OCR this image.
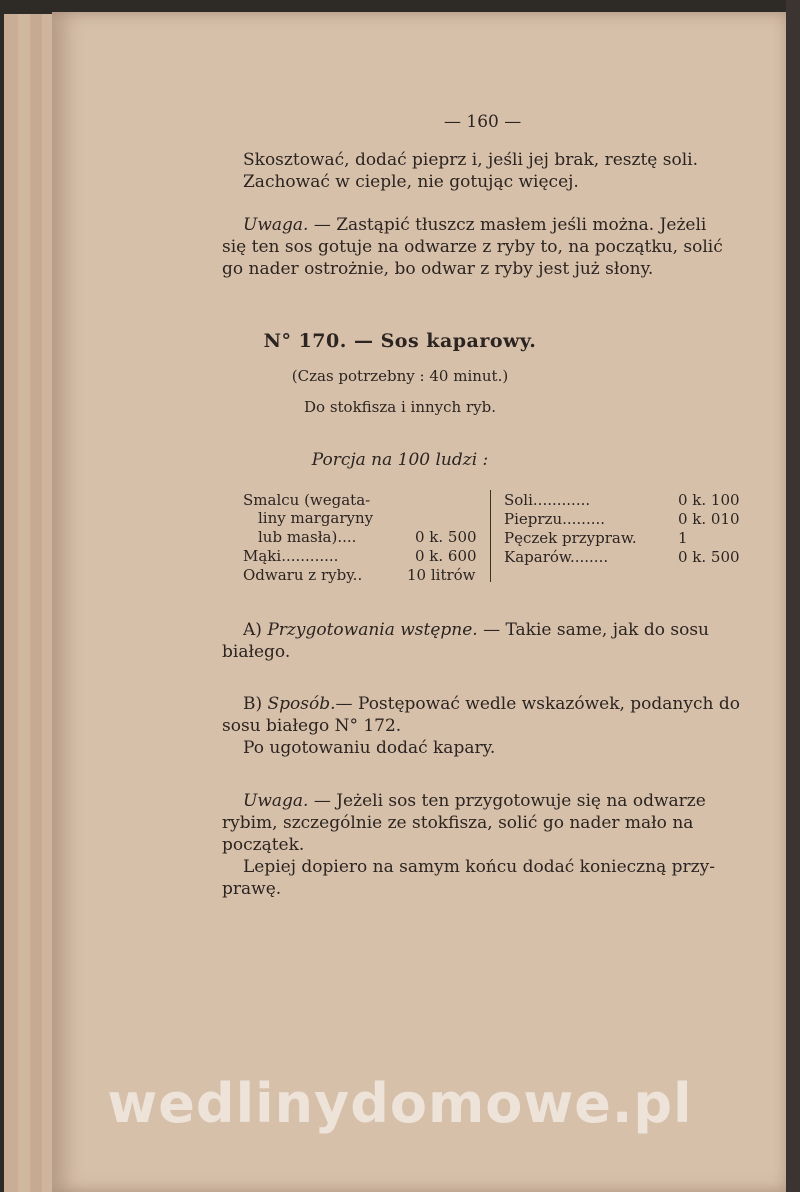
— 160 —
Skosztować, dodać pieprz i, jeśli jej brak, resztę soli.
Zachować w cieple, nie gotując więcej.
Uwaga. — Zastąpić tłuszcz masłem jeśli można. Jeżeli
się ten sos gotuje na odwarze z ryby to, na początku, solić
go nader ostrożnie, bo odwar z ryby jest już słony.
N° 170. — Sos kaparowy.
(Czas potrzebny : 40 minut.)
Do stokfisza i innych ryb.
Porcja na 100 ludzi :
Smalcu (wegata-
liny margaryny
lub masła)....	0 k. 500
Mąki............	0 k. 600
Odwaru z ryby..	10 litrów
Soli............	0 k. 100
Pieprzu.........	0 k. 010
Pęczek przypraw.	1
Kaparów........	0 k. 500
A) Przygotowania wstępne. — Takie same, jak do sosu
białego.
B) Sposób.— Postępować wedle wskazówek, podanych do
sosu białego N° 172.
Po ugotowaniu dodać kapary.
Uwaga. — Jeżeli sos ten przygotowuje się na odwarze
rybim, szczególnie ze stokfisza, solić go nader mało na
początek.
Lepiej dopiero na samym końcu dodać konieczną przy-
prawę.
wedlinydomowe.pl
